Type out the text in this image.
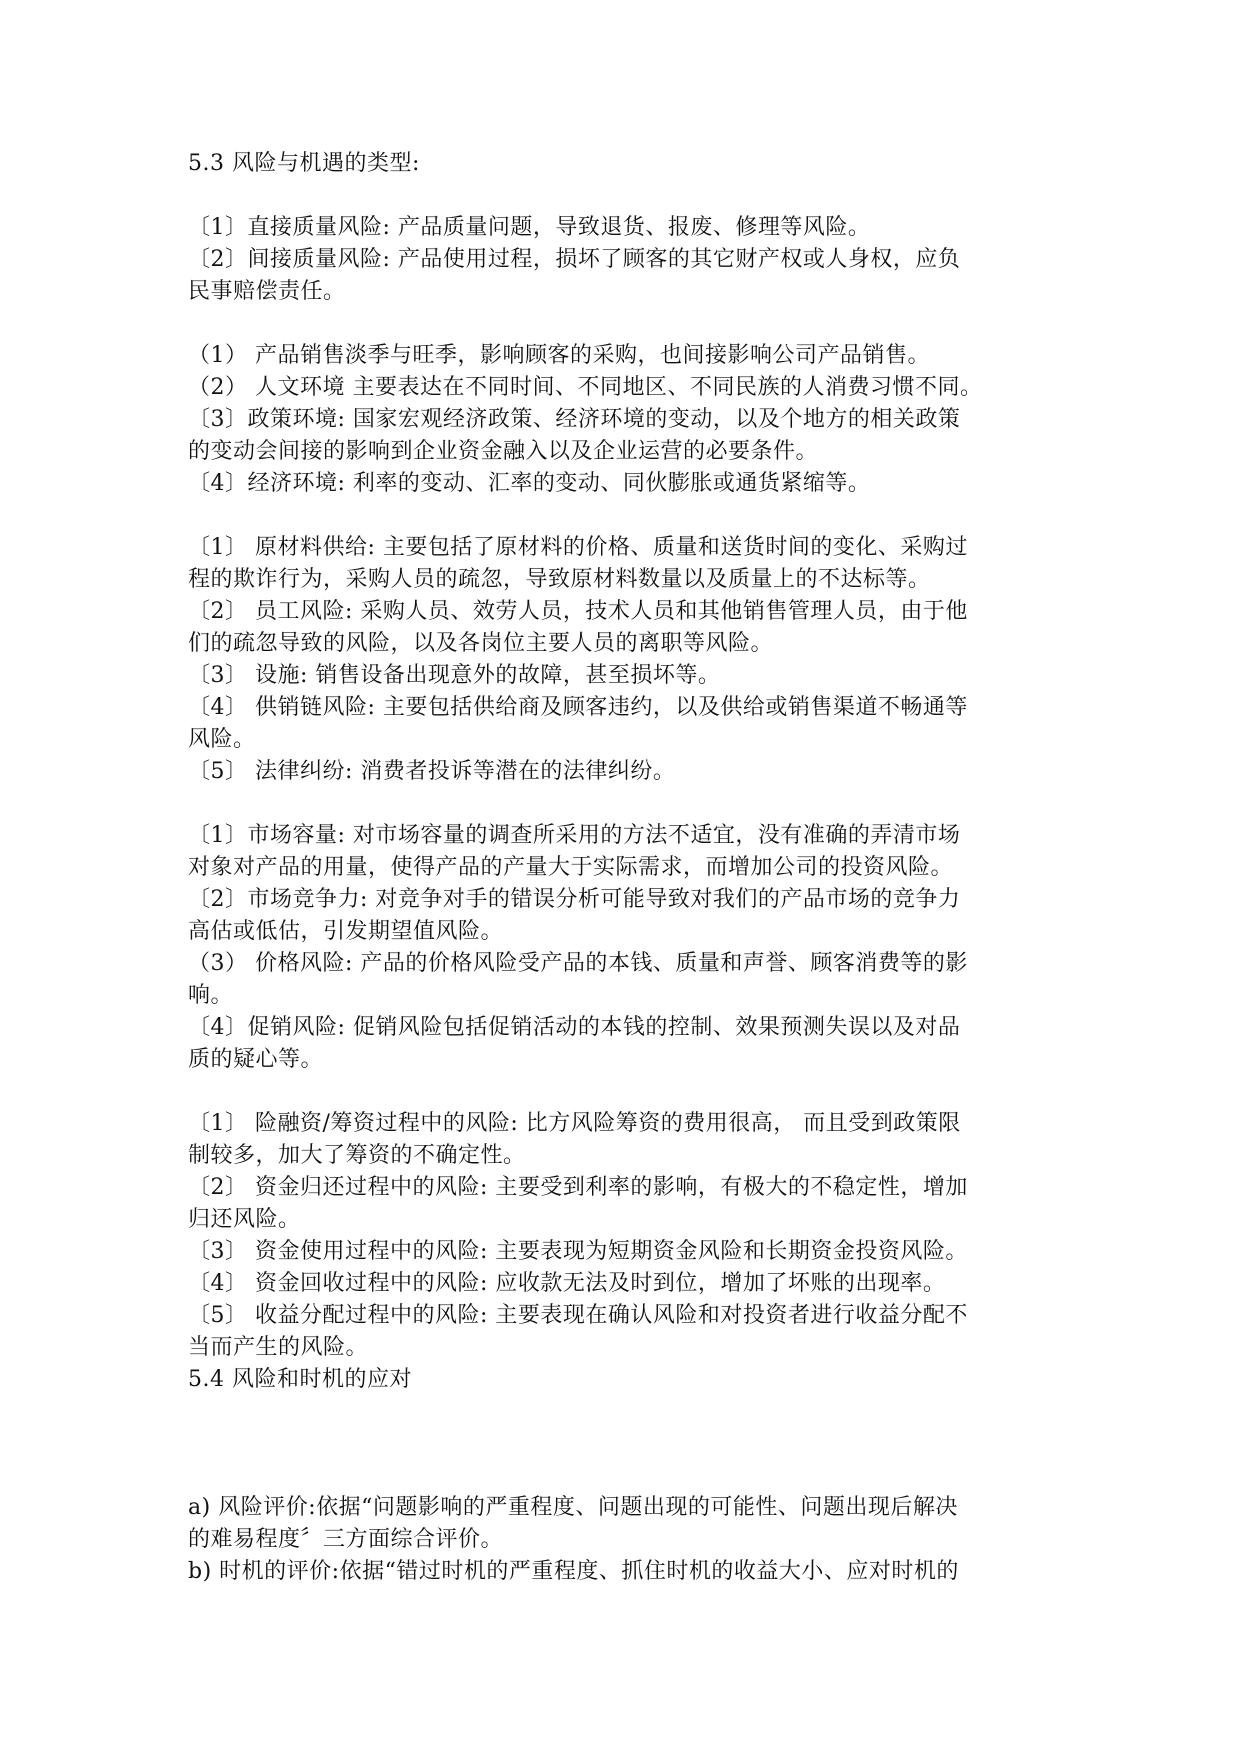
5.3 风险与机遇的类型:
〔1〕直接质量风险: 产品质量问题，导致退货、报废、修理等风险。
〔2〕间接质量风险: 产品使用过程，损坏了顾客的其它财产权或人身权，应负
民事赔偿责任。
（1） 产品销售淡季与旺季，影响顾客的采购，也间接影响公司产品销售。
（2） 人文环境 主要表达在不同时间、不同地区、不同民族的人消费习惯不同。
〔3〕政策环境: 国家宏观经济政策、经济环境的变动，以及个地方的相关政策
的变动会间接的影响到企业资金融入以及企业运营的必要条件。
〔4〕经济环境: 利率的变动、汇率的变动、同伙膨胀或通货紧缩等。
〔1〕 原材料供给: 主要包括了原材料的价格、质量和送货时间的变化、采购过
程的欺诈行为，采购人员的疏忽，导致原材料数量以及质量上的不达标等。
〔2〕 员工风险: 采购人员、效劳人员，技术人员和其他销售管理人员，由于他
们的疏忽导致的风险，以及各岗位主要人员的离职等风险。
〔3〕 设施: 销售设备出现意外的故障，甚至损坏等。
〔4〕 供销链风险: 主要包括供给商及顾客违约，以及供给或销售渠道不畅通等
风险。
〔5〕 法律纠纷: 消费者投诉等潜在的法律纠纷。
〔1〕市场容量: 对市场容量的调查所采用的方法不适宜，没有准确的弄清市场
对象对产品的用量，使得产品的产量大于实际需求，而增加公司的投资风险。
〔2〕市场竞争力: 对竞争对手的错误分析可能导致对我们的产品市场的竞争力
高估或低估，引发期望值风险。
（3） 价格风险: 产品的价格风险受产品的本钱、质量和声誉、顾客消费等的影
响。
〔4〕促销风险: 促销风险包括促销活动的本钱的控制、效果预测失误以及对品
质的疑心等。
〔1〕 险融资/筹资过程中的风险: 比方风险筹资的费用很高， 而且受到政策限
制较多，加大了筹资的不确定性。
〔2〕 资金归还过程中的风险: 主要受到利率的影响，有极大的不稳定性，增加
归还风险。
〔3〕 资金使用过程中的风险: 主要表现为短期资金风险和长期资金投资风险。
〔4〕 资金回收过程中的风险: 应收款无法及时到位，增加了坏账的出现率。
〔5〕 收益分配过程中的风险: 主要表现在确认风险和对投资者进行收益分配不
当而产生的风险。
5.4 风险和时机的应对
a) 风险评价:依据“问题影响的严重程度、问题出现的可能性、问题出现后解决
的难易程度〞三方面综合评价。
b) 时机的评价:依据“错过时机的严重程度、抓住时机的收益大小、应对时机的
